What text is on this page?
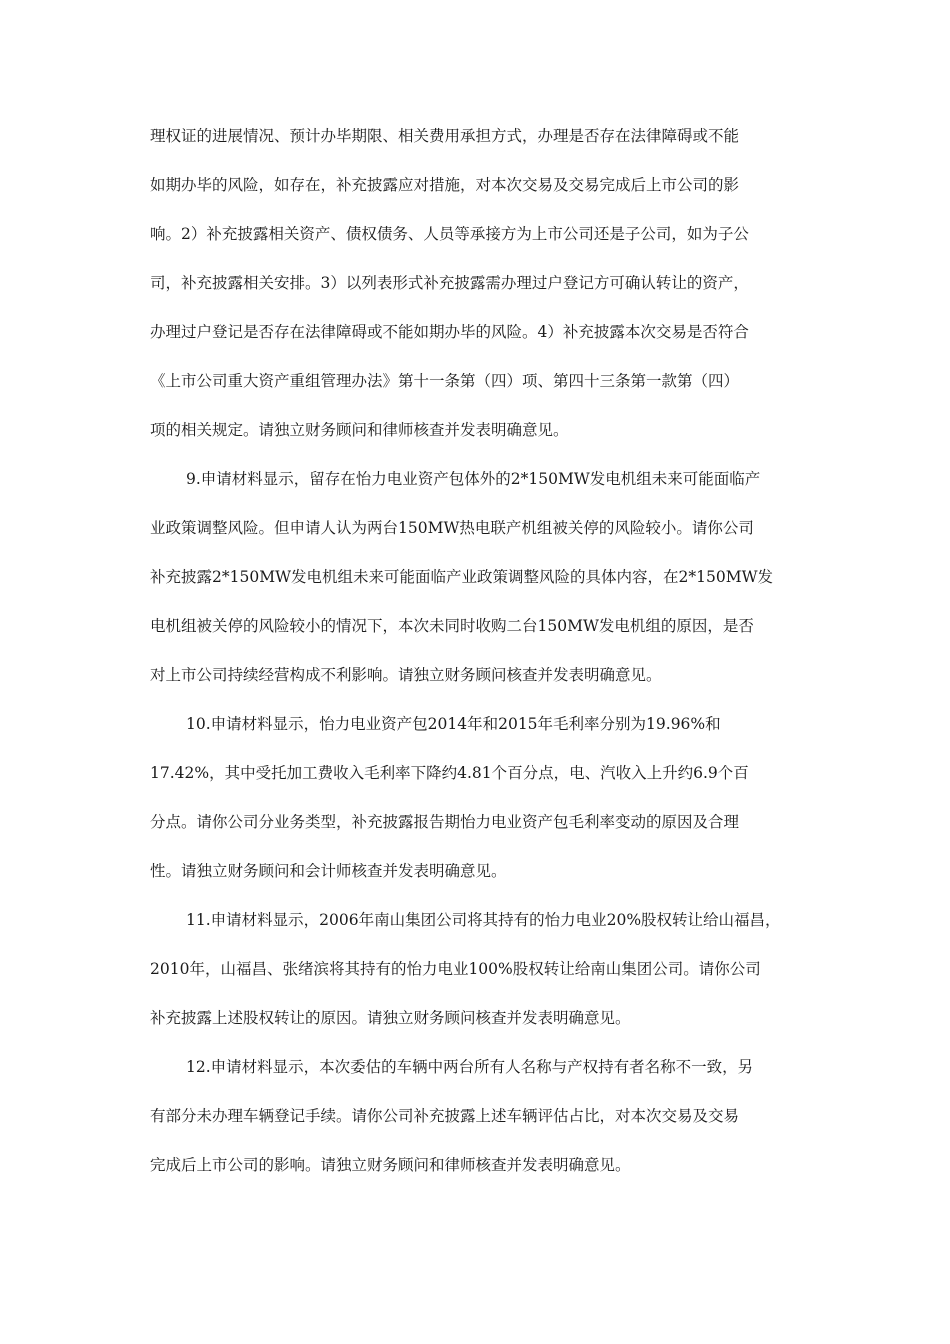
理权证的进展情况、预计办毕期限、相关费用承担方式，办理是否存在法律障碍或不能
如期办毕的风险，如存在，补充披露应对措施，对本次交易及交易完成后上市公司的影
响。2）补充披露相关资产、债权债务、人员等承接方为上市公司还是子公司，如为子公
司，补充披露相关安排。3）以列表形式补充披露需办理过户登记方可确认转让的资产，
办理过户登记是否存在法律障碍或不能如期办毕的风险。4）补充披露本次交易是否符合
《上市公司重大资产重组管理办法》第十一条第（四）项、第四十三条第一款第（四）
项的相关规定。请独立财务顾问和律师核查并发表明确意见。
9.申请材料显示，留存在怡力电业资产包体外的2*150MW发电机组未来可能面临产
业政策调整风险。但申请人认为两台150MW热电联产机组被关停的风险较小。请你公司
补充披露2*150MW发电机组未来可能面临产业政策调整风险的具体内容，在2*150MW发
电机组被关停的风险较小的情况下，本次未同时收购二台150MW发电机组的原因，是否
对上市公司持续经营构成不利影响。请独立财务顾问核查并发表明确意见。
10.申请材料显示，怡力电业资产包2014年和2015年毛利率分别为19.96%和
17.42%，其中受托加工费收入毛利率下降约4.81个百分点，电、汽收入上升约6.9个百
分点。请你公司分业务类型，补充披露报告期怡力电业资产包毛利率变动的原因及合理
性。请独立财务顾问和会计师核查并发表明确意见。
11.申请材料显示，2006年南山集团公司将其持有的怡力电业20%股权转让给山福昌，
2010年，山福昌、张绪滨将其持有的怡力电业100%股权转让给南山集团公司。请你公司
补充披露上述股权转让的原因。请独立财务顾问核查并发表明确意见。
12.申请材料显示，本次委估的车辆中两台所有人名称与产权持有者名称不一致，另
有部分未办理车辆登记手续。请你公司补充披露上述车辆评估占比，对本次交易及交易
完成后上市公司的影响。请独立财务顾问和律师核查并发表明确意见。
